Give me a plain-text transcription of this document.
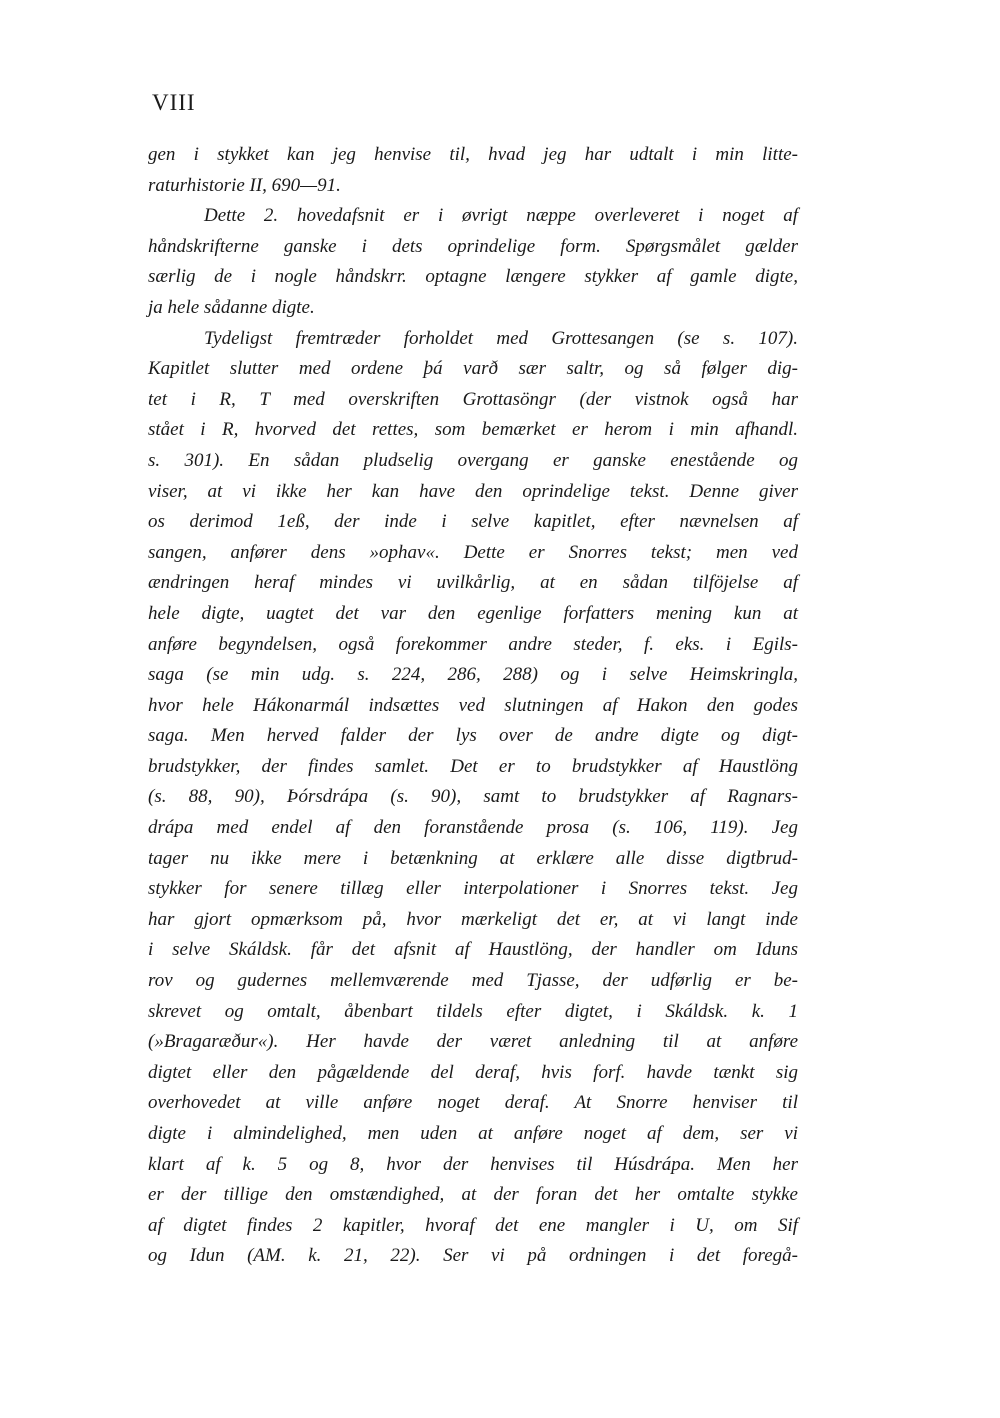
VIII
gen i stykket kan jeg henvise til, hvad jeg har udtalt i min litte-
raturhistorie II, 690—91.
Dette 2. hovedafsnit er i øvrigt næppe overleveret i noget af
håndskrifterne ganske i dets oprindelige form. Spørgsmålet gælder
særlig de i nogle håndskrr. optagne længere stykker af gamle digte,
ja hele sådanne digte.
Tydeligst fremtræder forholdet med Grottesangen (se s. 107).
Kapitlet slutter med ordene þá varð sær saltr, og så følger dig-
tet i R, T med overskriften Grottasöngr (der vistnok også har
stået i R, hvorved det rettes, som bemærket er herom i min afhandl.
s. 301). En sådan pludselig overgang er ganske enestående og
viser, at vi ikke her kan have den oprindelige tekst. Denne giver
os derimod 1eß, der inde i selve kapitlet, efter nævnelsen af
sangen, anfører dens »ophav«. Dette er Snorres tekst; men ved
ændringen heraf mindes vi uvilkårlig, at en sådan tilföjelse af
hele digte, uagtet det var den egenlige forfatters mening kun at
anføre begyndelsen, også forekommer andre steder, f. eks. i Egils-
saga (se min udg. s. 224, 286, 288) og i selve Heimskringla,
hvor hele Hákonarmál indsættes ved slutningen af Hakon den godes
saga. Men herved falder der lys over de andre digte og digt-
brudstykker, der findes samlet. Det er to brudstykker af Haustlöng
(s. 88, 90), Þórsdrápa (s. 90), samt to brudstykker af Ragnars-
drápa med endel af den foranstående prosa (s. 106, 119). Jeg
tager nu ikke mere i betænkning at erklære alle disse digtbrud-
stykker for senere tillæg eller interpolationer i Snorres tekst. Jeg
har gjort opmærksom på, hvor mærkeligt det er, at vi langt inde
i selve Skáldsk. får det afsnit af Haustlöng, der handler om Iduns
rov og gudernes mellemværende med Tjasse, der udførlig er be-
skrevet og omtalt, åbenbart tildels efter digtet, i Skáldsk. k. 1
(»Bragaræður«). Her havde der været anledning til at anføre
digtet eller den pågældende del deraf, hvis forf. havde tænkt sig
overhovedet at ville anføre noget deraf. At Snorre henviser til
digte i almindelighed, men uden at anføre noget af dem, ser vi
klart af k. 5 og 8, hvor der henvises til Húsdrápa. Men her
er der tillige den omstændighed, at der foran det her omtalte stykke
af digtet findes 2 kapitler, hvoraf det ene mangler i U, om Sif
og Idun (AM. k. 21, 22). Ser vi på ordningen i det foregå-
